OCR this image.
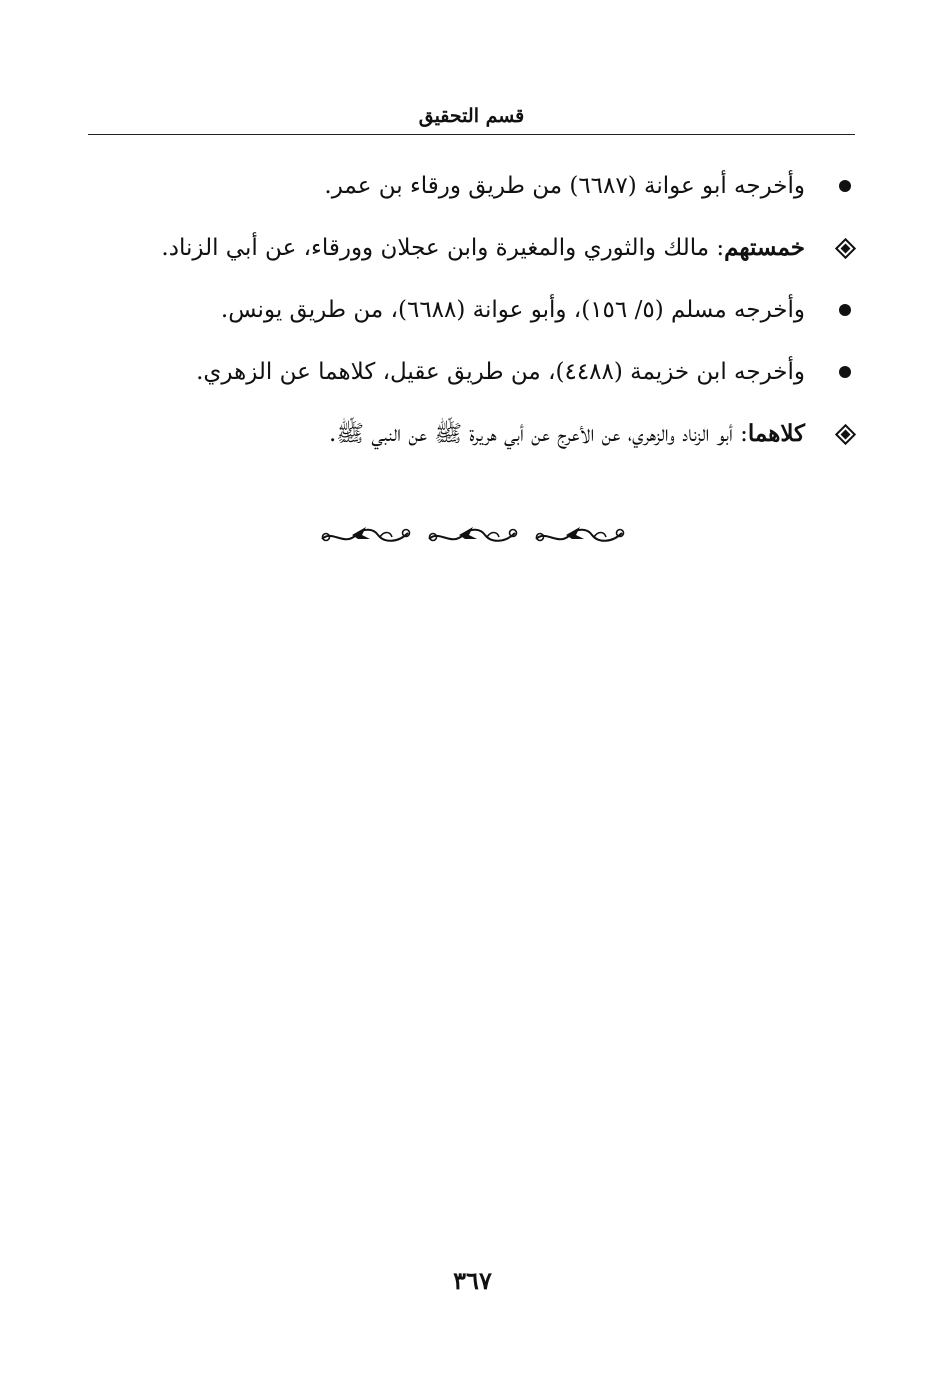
قسم التحقيق
وأخرجه أبو عوانة (٦٦٨٧) من طريق ورقاء بن عمر.
خمستهم: مالك والثوري والمغيرة وابن عجلان وورقاء، عن أبي الزناد.
وأخرجه مسلم (٥/ ١٥٦)، وأبو عوانة (٦٦٨٨)، من طريق يونس.
وأخرجه ابن خزيمة (٤٤٨٨)، من طريق عقيل، كلاهما عن الزهري.
كلاهما: أبو الزناد والزهري، عن الأعرج عن أبي هريرة ﷺ عن النبي ﷺ.
٣٦٧
